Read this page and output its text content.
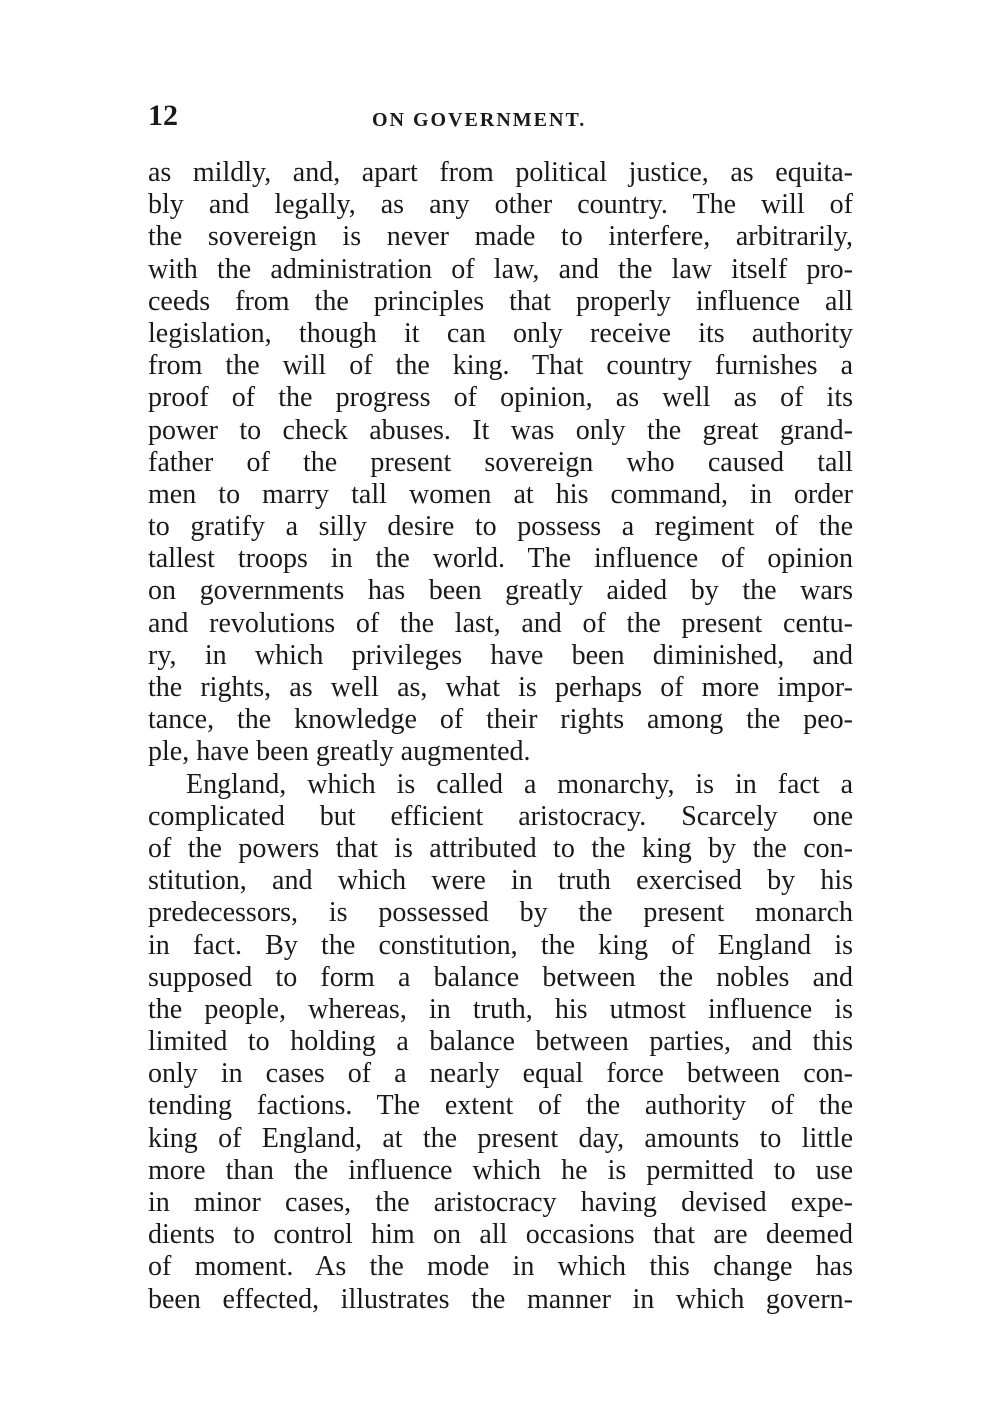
12	ON GOVERNMENT.
as mildly, and, apart from political justice, as equita-
bly and legally, as any other country. The will of
the sovereign is never made to interfere, arbitrarily,
with the administration of law, and the law itself pro-
ceeds from the principles that properly influence all
legislation, though it can only receive its authority
from the will of the king. That country furnishes a
proof of the progress of opinion, as well as of its
power to check abuses. It was only the great grand-
father of the present sovereign who caused tall
men to marry tall women at his command, in order
to gratify a silly desire to possess a regiment of the
tallest troops in the world. The influence of opinion
on governments has been greatly aided by the wars
and revolutions of the last, and of the present centu-
ry, in which privileges have been diminished, and
the rights, as well as, what is perhaps of more impor-
tance, the knowledge of their rights among the peo-
ple, have been greatly augmented.
England, which is called a monarchy, is in fact a
complicated but efficient aristocracy. Scarcely one
of the powers that is attributed to the king by the con-
stitution, and which were in truth exercised by his
predecessors, is possessed by the present monarch
in fact. By the constitution, the king of England is
supposed to form a balance between the nobles and
the people, whereas, in truth, his utmost influence is
limited to holding a balance between parties, and this
only in cases of a nearly equal force between con-
tending factions. The extent of the authority of the
king of England, at the present day, amounts to little
more than the influence which he is permitted to use
in minor cases, the aristocracy having devised expe-
dients to control him on all occasions that are deemed
of moment. As the mode in which this change has
been effected, illustrates the manner in which govern-
